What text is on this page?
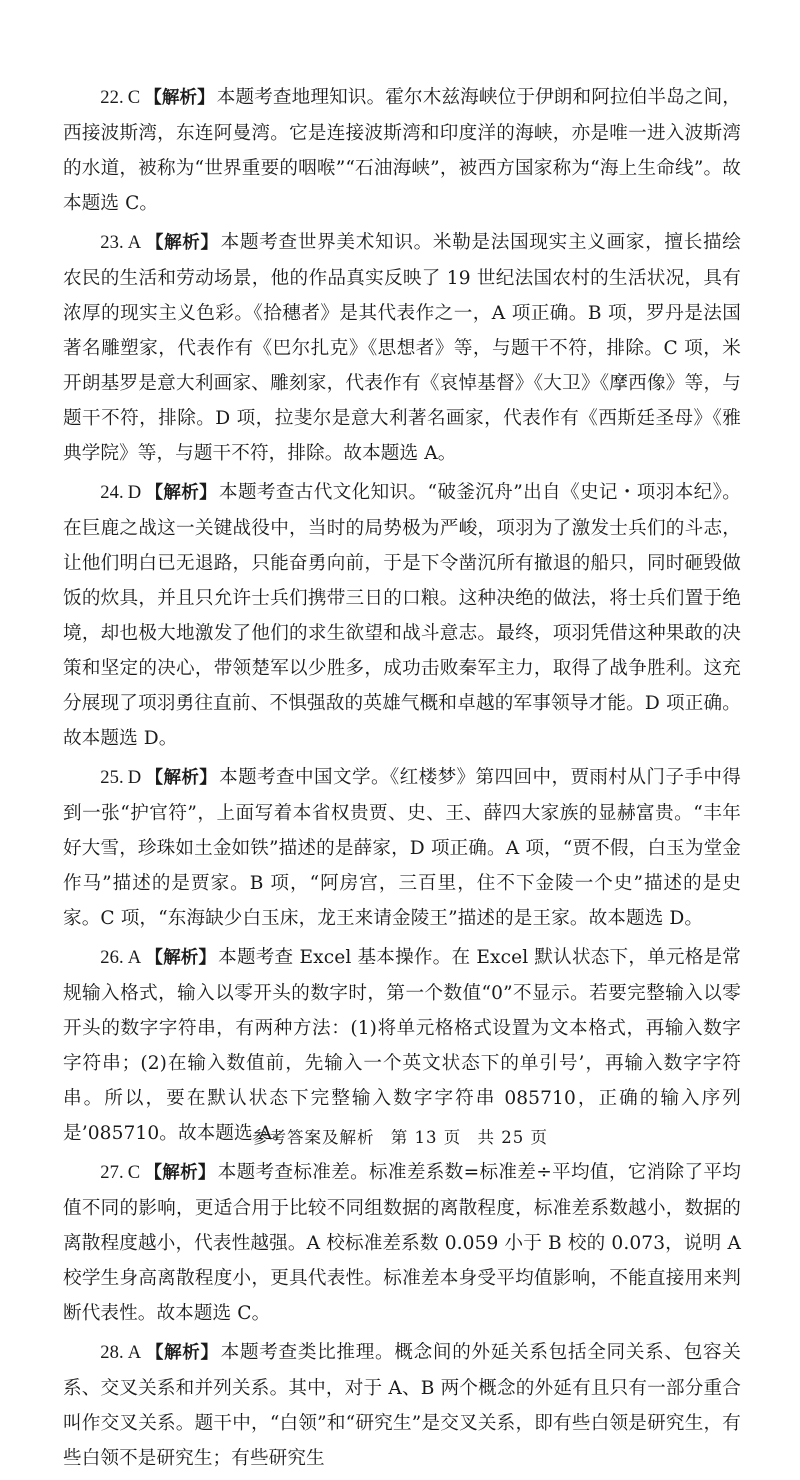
22. C 【解析】 本题考查地理知识。霍尔木兹海峡位于伊朗和阿拉伯半岛之间，西接波斯湾，东连阿曼湾。它是连接波斯湾和印度洋的海峡，亦是唯一进入波斯湾的水道，被称为“世界重要的咽喉”“石油海峡”，被西方国家称为“海上生命线”。故本题选 C。

23. A 【解析】 本题考查世界美术知识。米勒是法国现实主义画家，擅长描绘农民的生活和劳动场景，他的作品真实反映了 19 世纪法国农村的生活状况，具有浓厚的现实主义色彩。《拾穗者》是其代表作之一，A 项正确。B 项，罗丹是法国著名雕塑家，代表作有《巴尔扎克》《思想者》等，与题干不符，排除。C 项，米开朗基罗是意大利画家、雕刻家，代表作有《哀悼基督》《大卫》《摩西像》等，与题干不符，排除。D 项，拉斐尔是意大利著名画家，代表作有《西斯廷圣母》《雅典学院》等，与题干不符，排除。故本题选 A。

24. D 【解析】 本题考查古代文化知识。“破釜沉舟”出自《史记・项羽本纪》。在巨鹿之战这一关键战役中，当时的局势极为严峻，项羽为了激发士兵们的斗志，让他们明白已无退路，只能奋勇向前，于是下令凿沉所有撤退的船只，同时砸毁做饭的炊具，并且只允许士兵们携带三日的口粮。这种决绝的做法，将士兵们置于绝境，却也极大地激发了他们的求生欲望和战斗意志。最终，项羽凭借这种果敢的决策和坚定的决心，带领楚军以少胜多，成功击败秦军主力，取得了战争胜利。这充分展现了项羽勇往直前、不惧强敌的英雄气概和卓越的军事领导才能。D 项正确。故本题选 D。

25. D 【解析】 本题考查中国文学。《红楼梦》第四回中，贾雨村从门子手中得到一张“护官符”，上面写着本省权贵贾、史、王、薛四大家族的显赫富贵。“丰年好大雪，珍珠如土金如铁”描述的是薛家，D 项正确。A 项，“贾不假，白玉为堂金作马”描述的是贾家。B 项，“阿房宫，三百里，住不下金陵一个史”描述的是史家。C 项，“东海缺少白玉床，龙王来请金陵王”描述的是王家。故本题选 D。

26. A 【解析】 本题考查 Excel 基本操作。在 Excel 默认状态下，单元格是常规输入格式，输入以零开头的数字时，第一个数值“0”不显示。若要完整输入以零开头的数字字符串，有两种方法：(1)将单元格格式设置为文本格式，再输入数字字符串；(2)在输入数值前，先输入一个英文状态下的单引号’，再输入数字字符串。所以，要在默认状态下完整输入数字字符串 085710，正确的输入序列是’085710。故本题选 A。

27. C 【解析】 本题考查标准差。标准差系数=标准差÷平均值，它消除了平均值不同的影响，更适合用于比较不同组数据的离散程度，标准差系数越小，数据的离散程度越小，代表性越强。A 校标准差系数 0.059 小于 B 校的 0.073，说明 A 校学生身高离散程度小，更具代表性。标准差本身受平均值影响，不能直接用来判断代表性。故本题选 C。

28. A 【解析】 本题考查类比推理。概念间的外延关系包括全同关系、包容关系、交叉关系和并列关系。其中，对于 A、B 两个概念的外延有且只有一部分重合叫作交叉关系。题干中，“白领”和“研究生”是交叉关系，即有些白领是研究生，有些白领不是研究生；有些研究生

参考答案及解析 第 13 页 共 25 页
